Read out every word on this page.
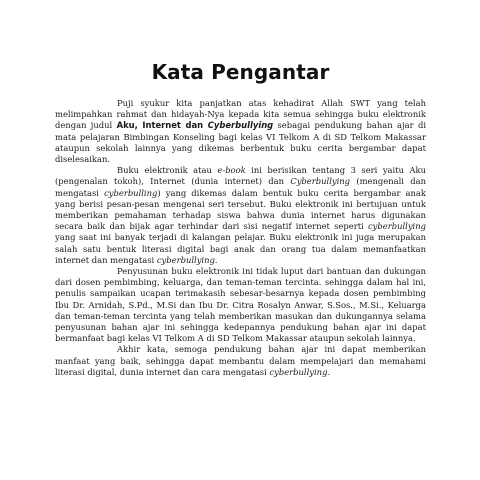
Kata Pengantar

Puji syukur kita panjatkan atas kehadirat Allah SWT yang telah melimpahkan rahmat dan hidayah-Nya kepada kita semua sehingga buku elektronik dengan judul Aku, Internet dan Cyberbullying sebagai pendukung bahan ajar di mata pelajaran Bimbingan Konseling bagi kelas VI Telkom A di SD Telkom Makassar ataupun sekolah lainnya yang dikemas berbentuk buku cerita bergambar dapat diselesaikan.

Buku elektronik atau e-book ini berisikan tentang 3 seri yaitu Aku (pengenalan tokoh), Internet (dunia internet) dan Cyberbullying (mengenali dan mengatasi cyberbulling) yang dikemas dalam bentuk buku cerita bergambar anak yang berisi pesan-pesan mengenai seri tersebut. Buku elektronik ini bertujuan untuk memberikan pemahaman terhadap siswa bahwa dunia internet harus digunakan secara baik dan bijak agar terhindar dari sisi negatif internet seperti cyberbullying yang saat ini banyak terjadi di kalangan pelajar. Buku elektronik ini juga merupakan salah satu bentuk literasi digital bagi anak dan orang tua dalam memanfaatkan internet dan mengatasi cyberbullying.

Penyusunan buku elektronik ini tidak luput dari bantuan dan dukungan dari dosen pembimbing, keluarga, dan teman-teman tercinta. sehingga dalam hal ini, penulis sampaikan ucapan terimakasih sebesar-besarnya kepada dosen pembimbing Ibu Dr. Arnidah, S.Pd., M.Si dan Ibu Dr. Citra Rosalyn Anwar, S.Sos., M.Si., Keluarga dan teman-teman tercinta yang telah memberikan masukan dan dukungannya selama penyusunan bahan ajar ini sehingga kedepannya pendukung bahan ajar ini dapat bermanfaat bagi kelas VI Telkom A di SD Telkom Makassar ataupun sekolah lainnya.

Akhir kata, semoga pendukung bahan ajar ini dapat memberikan manfaat yang baik, sehingga dapat membantu dalam mempelajari dan memahami literasi digital, dunia internet dan cara mengatasi cyberbullying.
